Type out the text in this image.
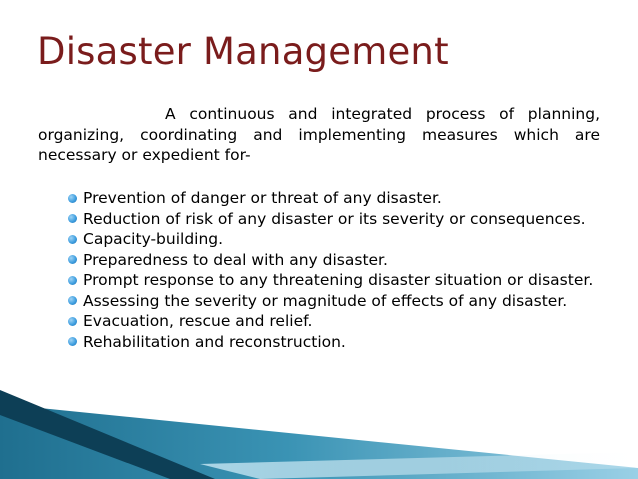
Disaster Management

A continuous and integrated process of planning, organizing, coordinating and implementing measures which are necessary or expedient for-

Prevention of danger or threat of any disaster.
Reduction of risk of any disaster or its severity or consequences.
Capacity-building.
Preparedness to deal with any disaster.
Prompt response to any threatening disaster situation or disaster.
Assessing the severity or magnitude of effects of any disaster.
Evacuation, rescue and relief.
Rehabilitation and reconstruction.
